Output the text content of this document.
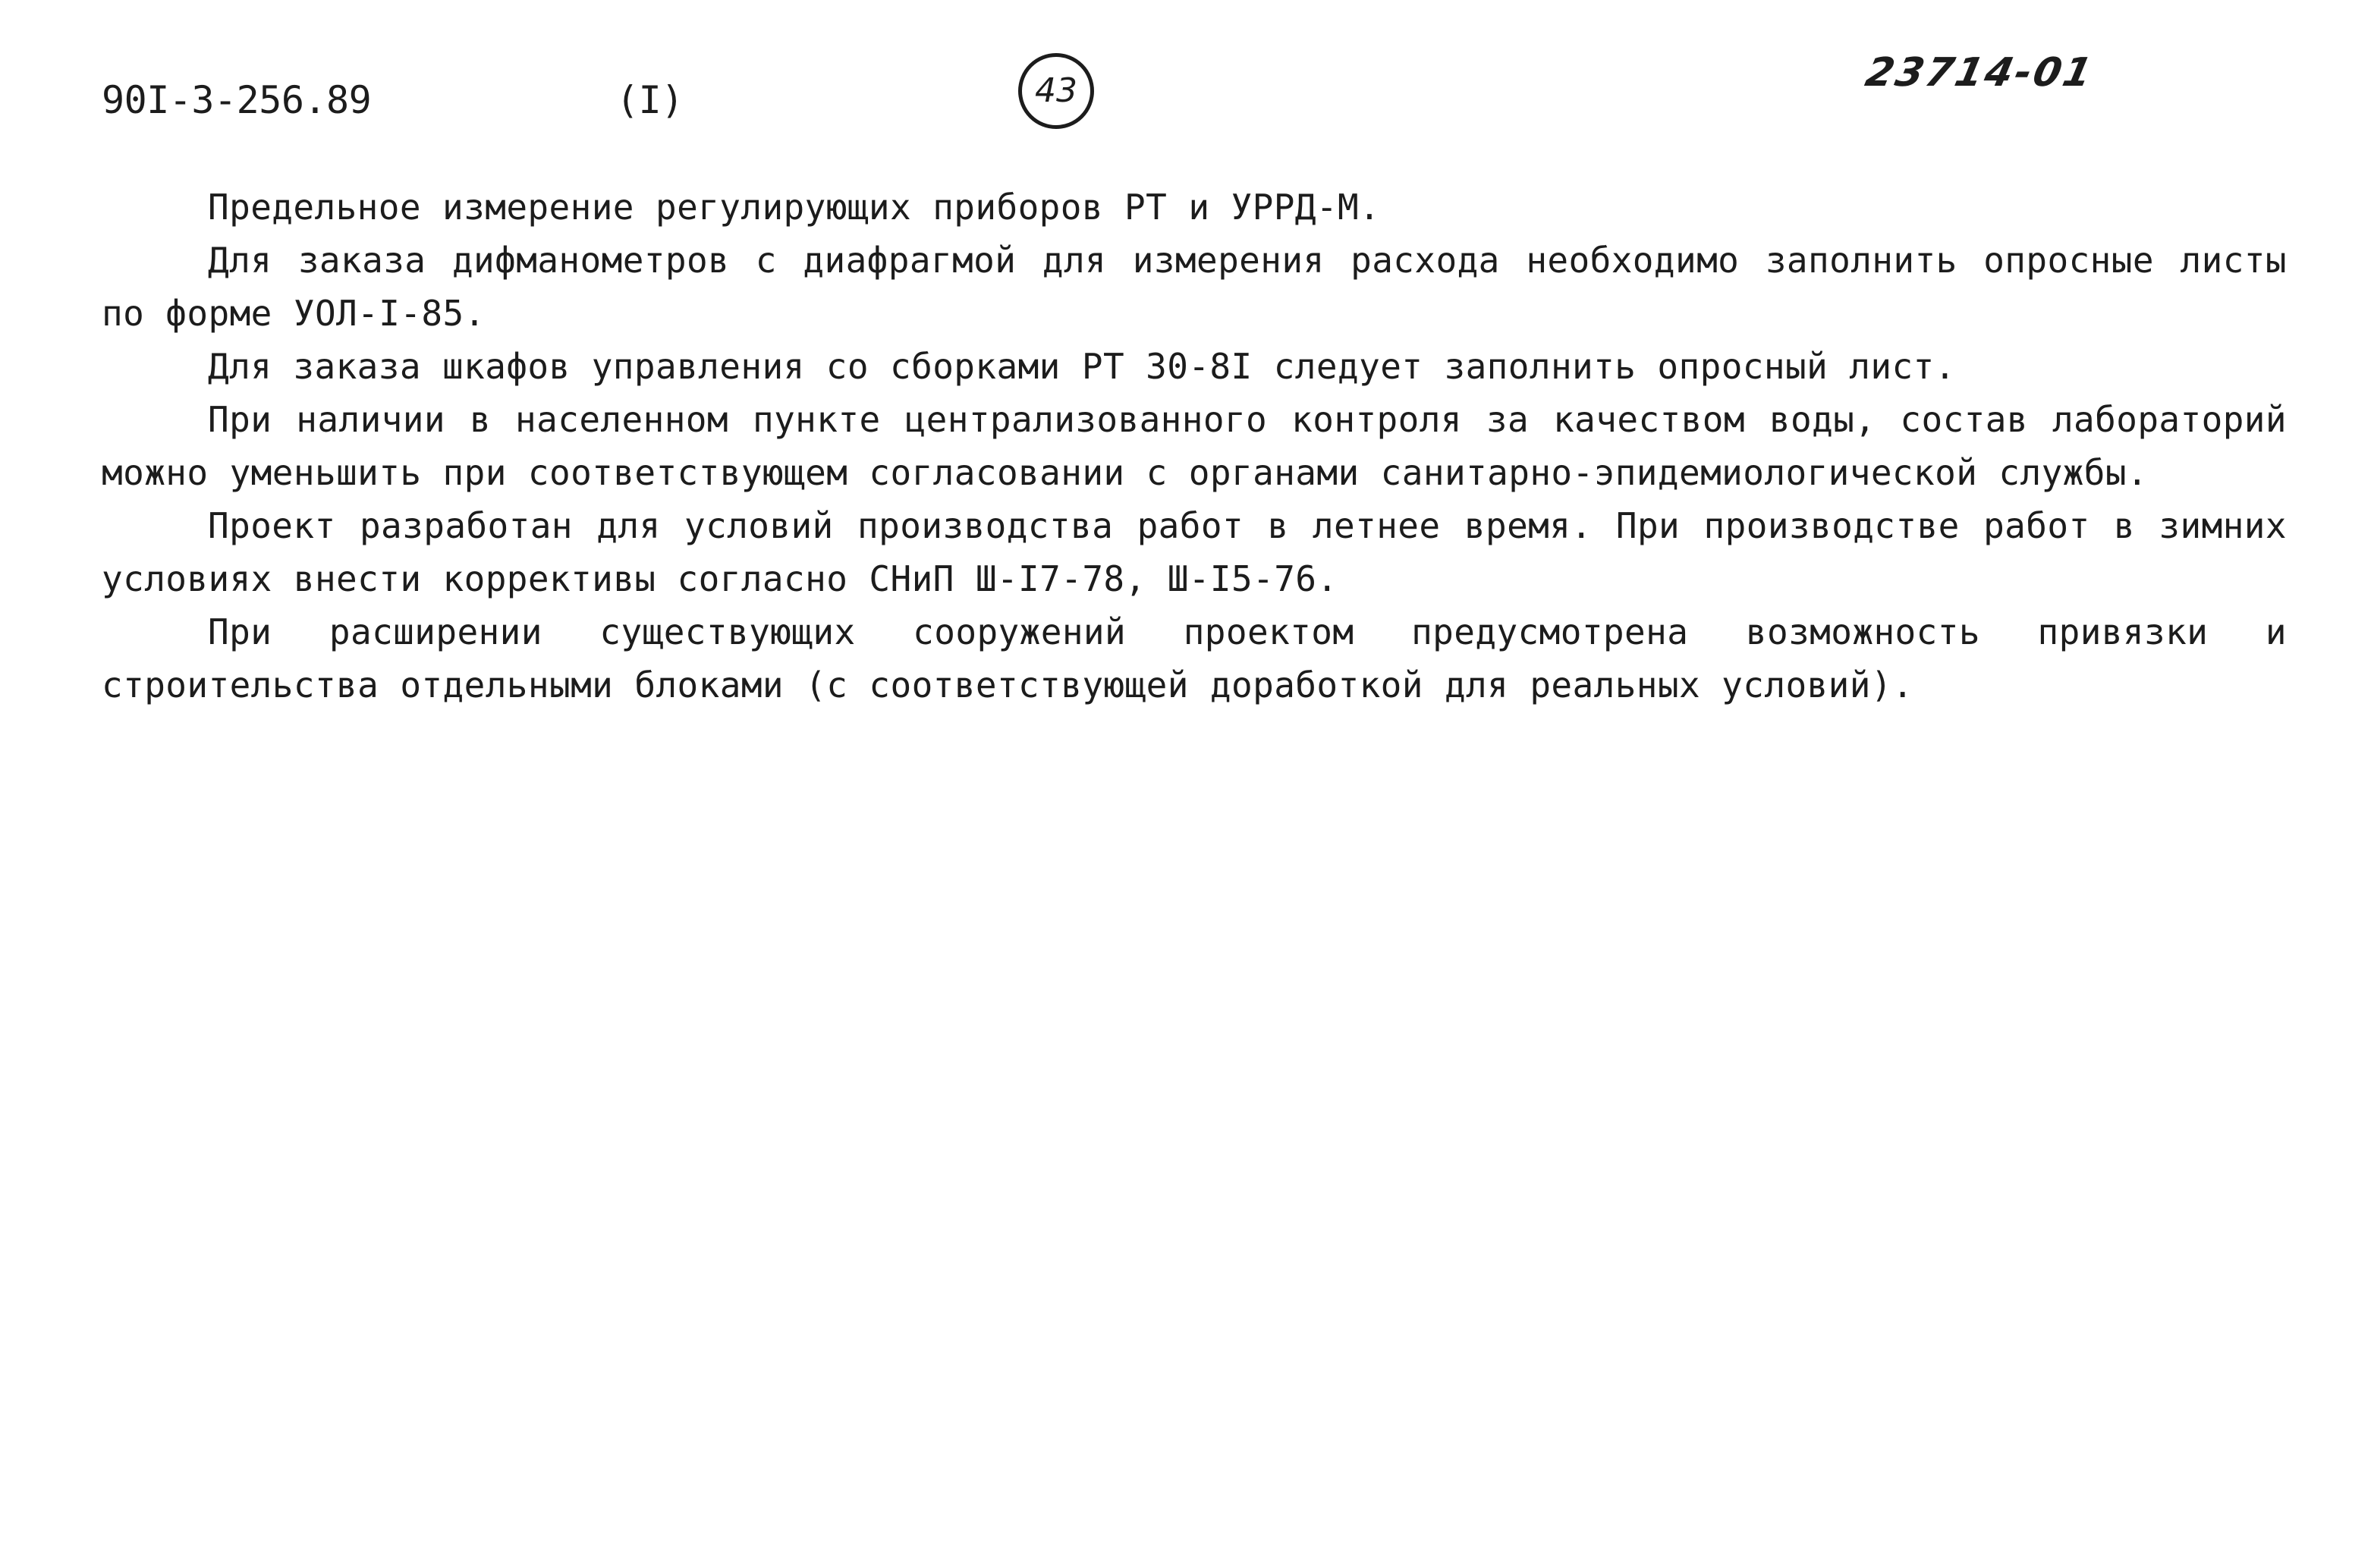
90I-3-256.89	(I)	43	23714-01

Предельное измерение регулирующих приборов РТ и УРРД-М.

Для заказа дифманометров с диафрагмой для измерения расхода необходимо заполнить опросные листы по форме УОЛ-I-85.

Для заказа шкафов управления со сборками РТ 30-8I следует заполнить опросный лист.

При наличии в населенном пункте централизованного контроля за качеством воды, состав лабораторий можно уменьшить при соответствующем согласовании с органами санитарно-эпидемиологической службы.

Проект разработан для условий производства работ в летнее время. При производстве работ в зимних условиях внести коррективы согласно СНиП Ш-I7-78, Ш-I5-76.

При расширении существующих сооружений проектом предусмотрена возможность привязки и строительства отдельными блоками (с соответствующей доработкой для реальных условий).
